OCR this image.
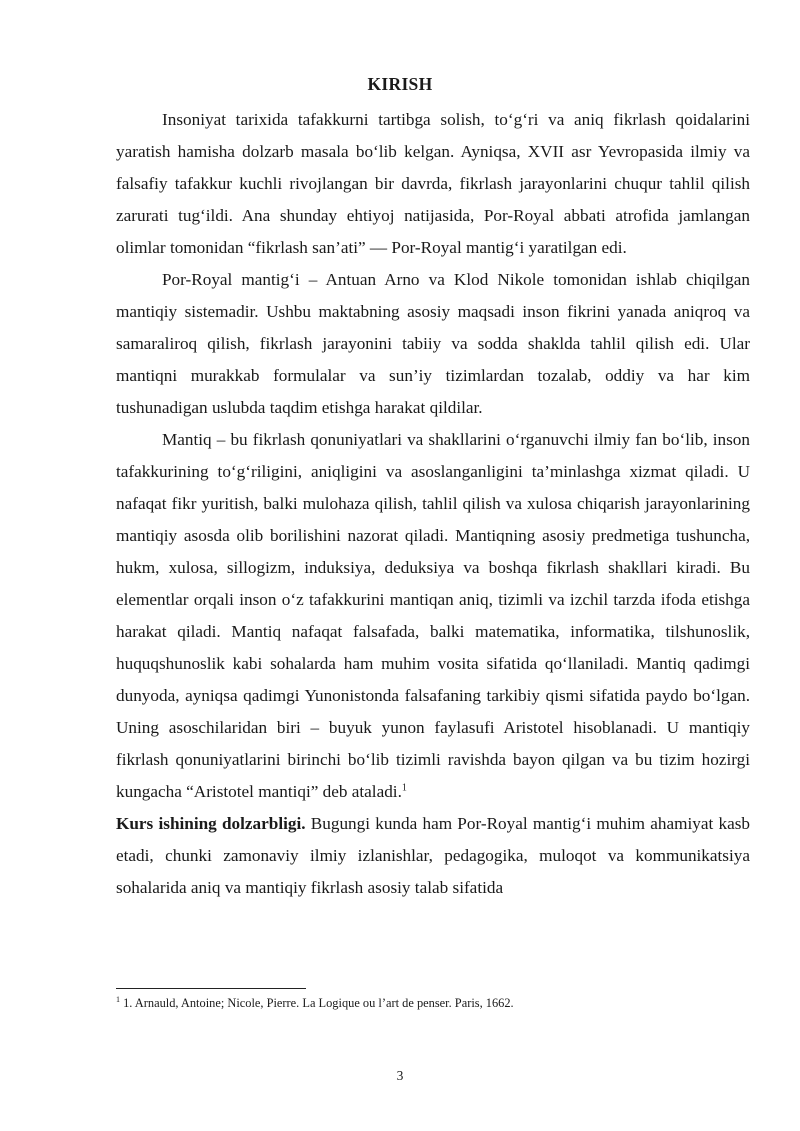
KIRISH

Insoniyat tarixida tafakkurni tartibga solish, to‘g‘ri va aniq fikrlash qoidalarini yaratish hamisha dolzarb masala bo‘lib kelgan. Ayniqsa, XVII asr Yevropasida ilmiy va falsafiy tafakkur kuchli rivojlangan bir davrda, fikrlash jarayonlarini chuqur tahlil qilish zarurati tug‘ildi. Ana shunday ehtiyoj natijasida, Por-Royal abbati atrofida jamlangan olimlar tomonidan “fikrlash san’ati” — Por-Royal mantig‘i yaratilgan edi.

Por-Royal mantig‘i – Antuan Arno va Klod Nikole tomonidan ishlab chiqilgan mantiqiy sistemadir. Ushbu maktabning asosiy maqsadi inson fikrini yanada aniqroq va samaraliroq qilish, fikrlash jarayonini tabiiy va sodda shaklda tahlil qilish edi. Ular mantiqni murakkab formulalar va sun’iy tizimlardan tozalab, oddiy va har kim tushunadigan uslubda taqdim etishga harakat qildilar.

Mantiq – bu fikrlash qonuniyatlari va shakllarini o‘rganuvchi ilmiy fan bo‘lib, inson tafakkurining to‘g‘riligini, aniqligini va asoslanganligini ta’minlashga xizmat qiladi. U nafaqat fikr yuritish, balki mulohaza qilish, tahlil qilish va xulosa chiqarish jarayonlarining mantiqiy asosda olib borilishini nazorat qiladi. Mantiqning asosiy predmetiga tushuncha, hukm, xulosa, sillogizm, induksiya, deduksiya va boshqa fikrlash shakllari kiradi. Bu elementlar orqali inson o‘z tafakkurini mantiqan aniq, tizimli va izchil tarzda ifoda etishga harakat qiladi. Mantiq nafaqat falsafada, balki matematika, informatika, tilshunoslik, huquqshunoslik kabi sohalarda ham muhim vosita sifatida qo‘llaniladi. Mantiq qadimgi dunyoda, ayniqsa qadimgi Yunonistonda falsafaning tarkibiy qismi sifatida paydo bo‘lgan. Uning asoschilaridan biri – buyuk yunon faylasufi Aristotel hisoblanadi. U mantiqiy fikrlash qonuniyatlarini birinchi bo‘lib tizimli ravishda bayon qilgan va bu tizim hozirgi kungacha “Aristotel mantiqi” deb ataladi.$^1$

Kurs ishining dolzarbligi. Bugungi kunda ham Por-Royal mantig‘i muhim ahamiyat kasb etadi, chunki zamonaviy ilmiy izlanishlar, pedagogika, muloqot va kommunikatsiya sohalarida aniq va mantiqiy fikrlash asosiy talab sifatida

$^1$ 1. Arnauld, Antoine; Nicole, Pierre. La Logique ou l’art de penser. Paris, 1662.
3
